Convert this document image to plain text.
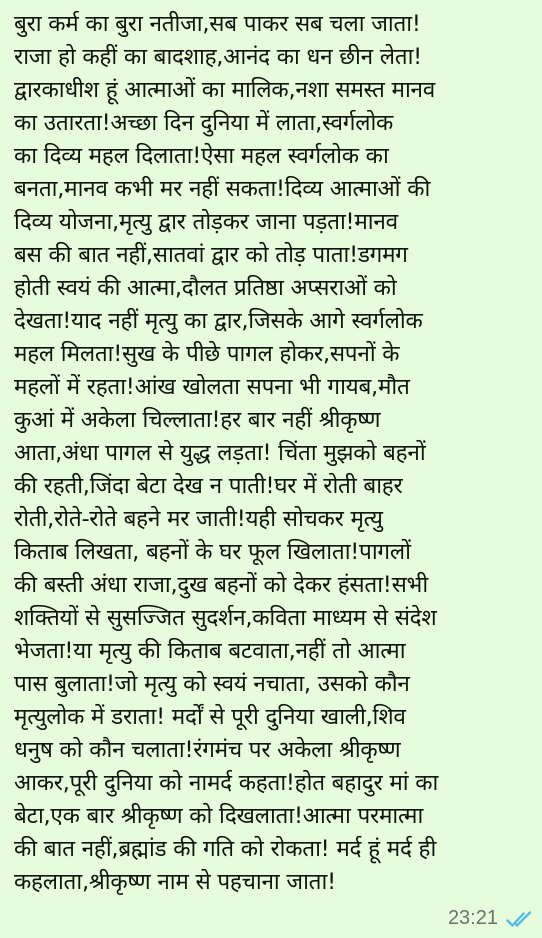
बुरा कर्म का बुरा नतीजा,सब पाकर सब चला जाता!
राजा हो कहीं का बादशाह,आनंद का धन छीन लेता!
द्वारकाधीश हूं आत्माओं का मालिक,नशा समस्त मानव
का उतारता!अच्छा दिन दुनिया में लाता,स्वर्गलोक
का दिव्य महल दिलाता!ऐसा महल स्वर्गलोक का
बनता,मानव कभी मर नहीं सकता!दिव्य आत्माओं की
दिव्य योजना,मृत्यु द्वार तोड़कर जाना पड़ता!मानव
बस की बात नहीं,सातवां द्वार को तोड़ पाता!डगमग
होती स्वयं की आत्मा,दौलत प्रतिष्ठा अप्सराओं को
देखता!याद नहीं मृत्यु का द्वार,जिसके आगे स्वर्गलोक
महल मिलता!सुख के पीछे पागल होकर,सपनों के
महलों में रहता!आंख खोलता सपना भी गायब,मौत
कुआं में अकेला चिल्लाता!हर बार नहीं श्रीकृष्ण
आता,अंधा पागल से युद्ध लड़ता! चिंता मुझको बहनों
की रहती,जिंदा बेटा देख न पाती!घर में रोती बाहर
रोती,रोते-रोते बहने मर जाती!यही सोचकर मृत्यु
किताब लिखता, बहनों के घर फूल खिलाता!पागलों
की बस्ती अंधा राजा,दुख बहनों को देकर हंसता!सभी
शक्तियों से सुसज्जित सुदर्शन,कविता माध्यम से संदेश
भेजता!या मृत्यु की किताब बटवाता,नहीं तो आत्मा
पास बुलाता!जो मृत्यु को स्वयं नचाता, उसको कौन
मृत्युलोक में डराता! मर्दों से पूरी दुनिया खाली,शिव
धनुष को कौन चलाता!रंगमंच पर अकेला श्रीकृष्ण
आकर,पूरी दुनिया को नामर्द कहता!होत बहादुर मां का
बेटा,एक बार श्रीकृष्ण को दिखलाता!आत्मा परमात्मा
की बात नहीं,ब्रह्मांड की गति को रोकता! मर्द हूं मर्द ही
कहलाता,श्रीकृष्ण नाम से पहचाना जाता!
23:21
